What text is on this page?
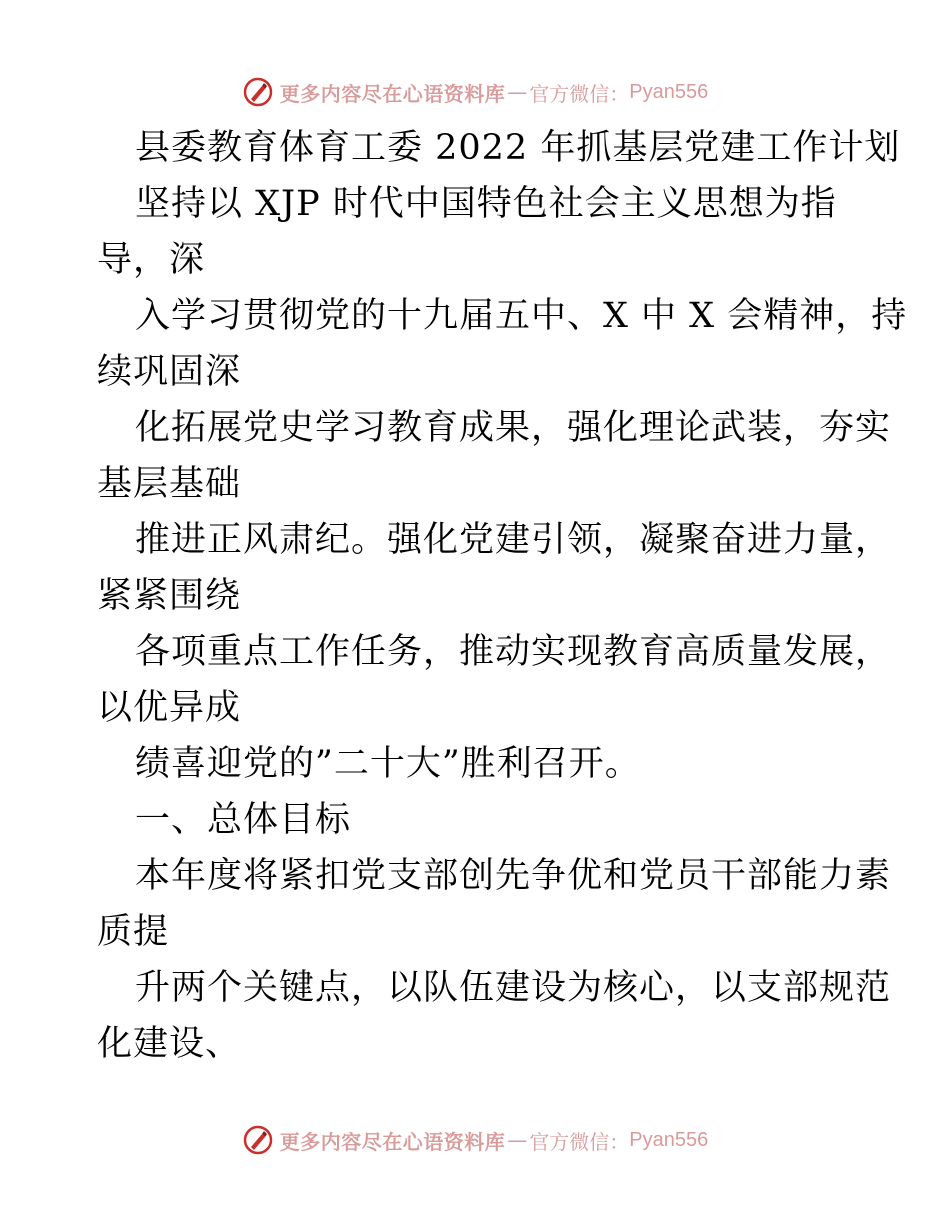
更多内容尽在心语资料库 — 官方微信： Pyan556
县委教育体育工委 2022 年抓基层党建工作计划
坚持以 XJP 时代中国特色社会主义思想为指
导，深
入学习贯彻党的十九届五中、X 中 X 会精神，持
续巩固深
化拓展党史学习教育成果，强化理论武装，夯实
基层基础
推进正风肃纪。强化党建引领，凝聚奋进力量，
紧紧围绕
各项重点工作任务，推动实现教育高质量发展，
以优异成
绩喜迎党的”二十大”胜利召开。
一、总体目标
本年度将紧扣党支部创先争优和党员干部能力素
质提
升两个关键点，以队伍建设为核心，以支部规范
化建设、
更多内容尽在心语资料库 — 官方微信： Pyan556
